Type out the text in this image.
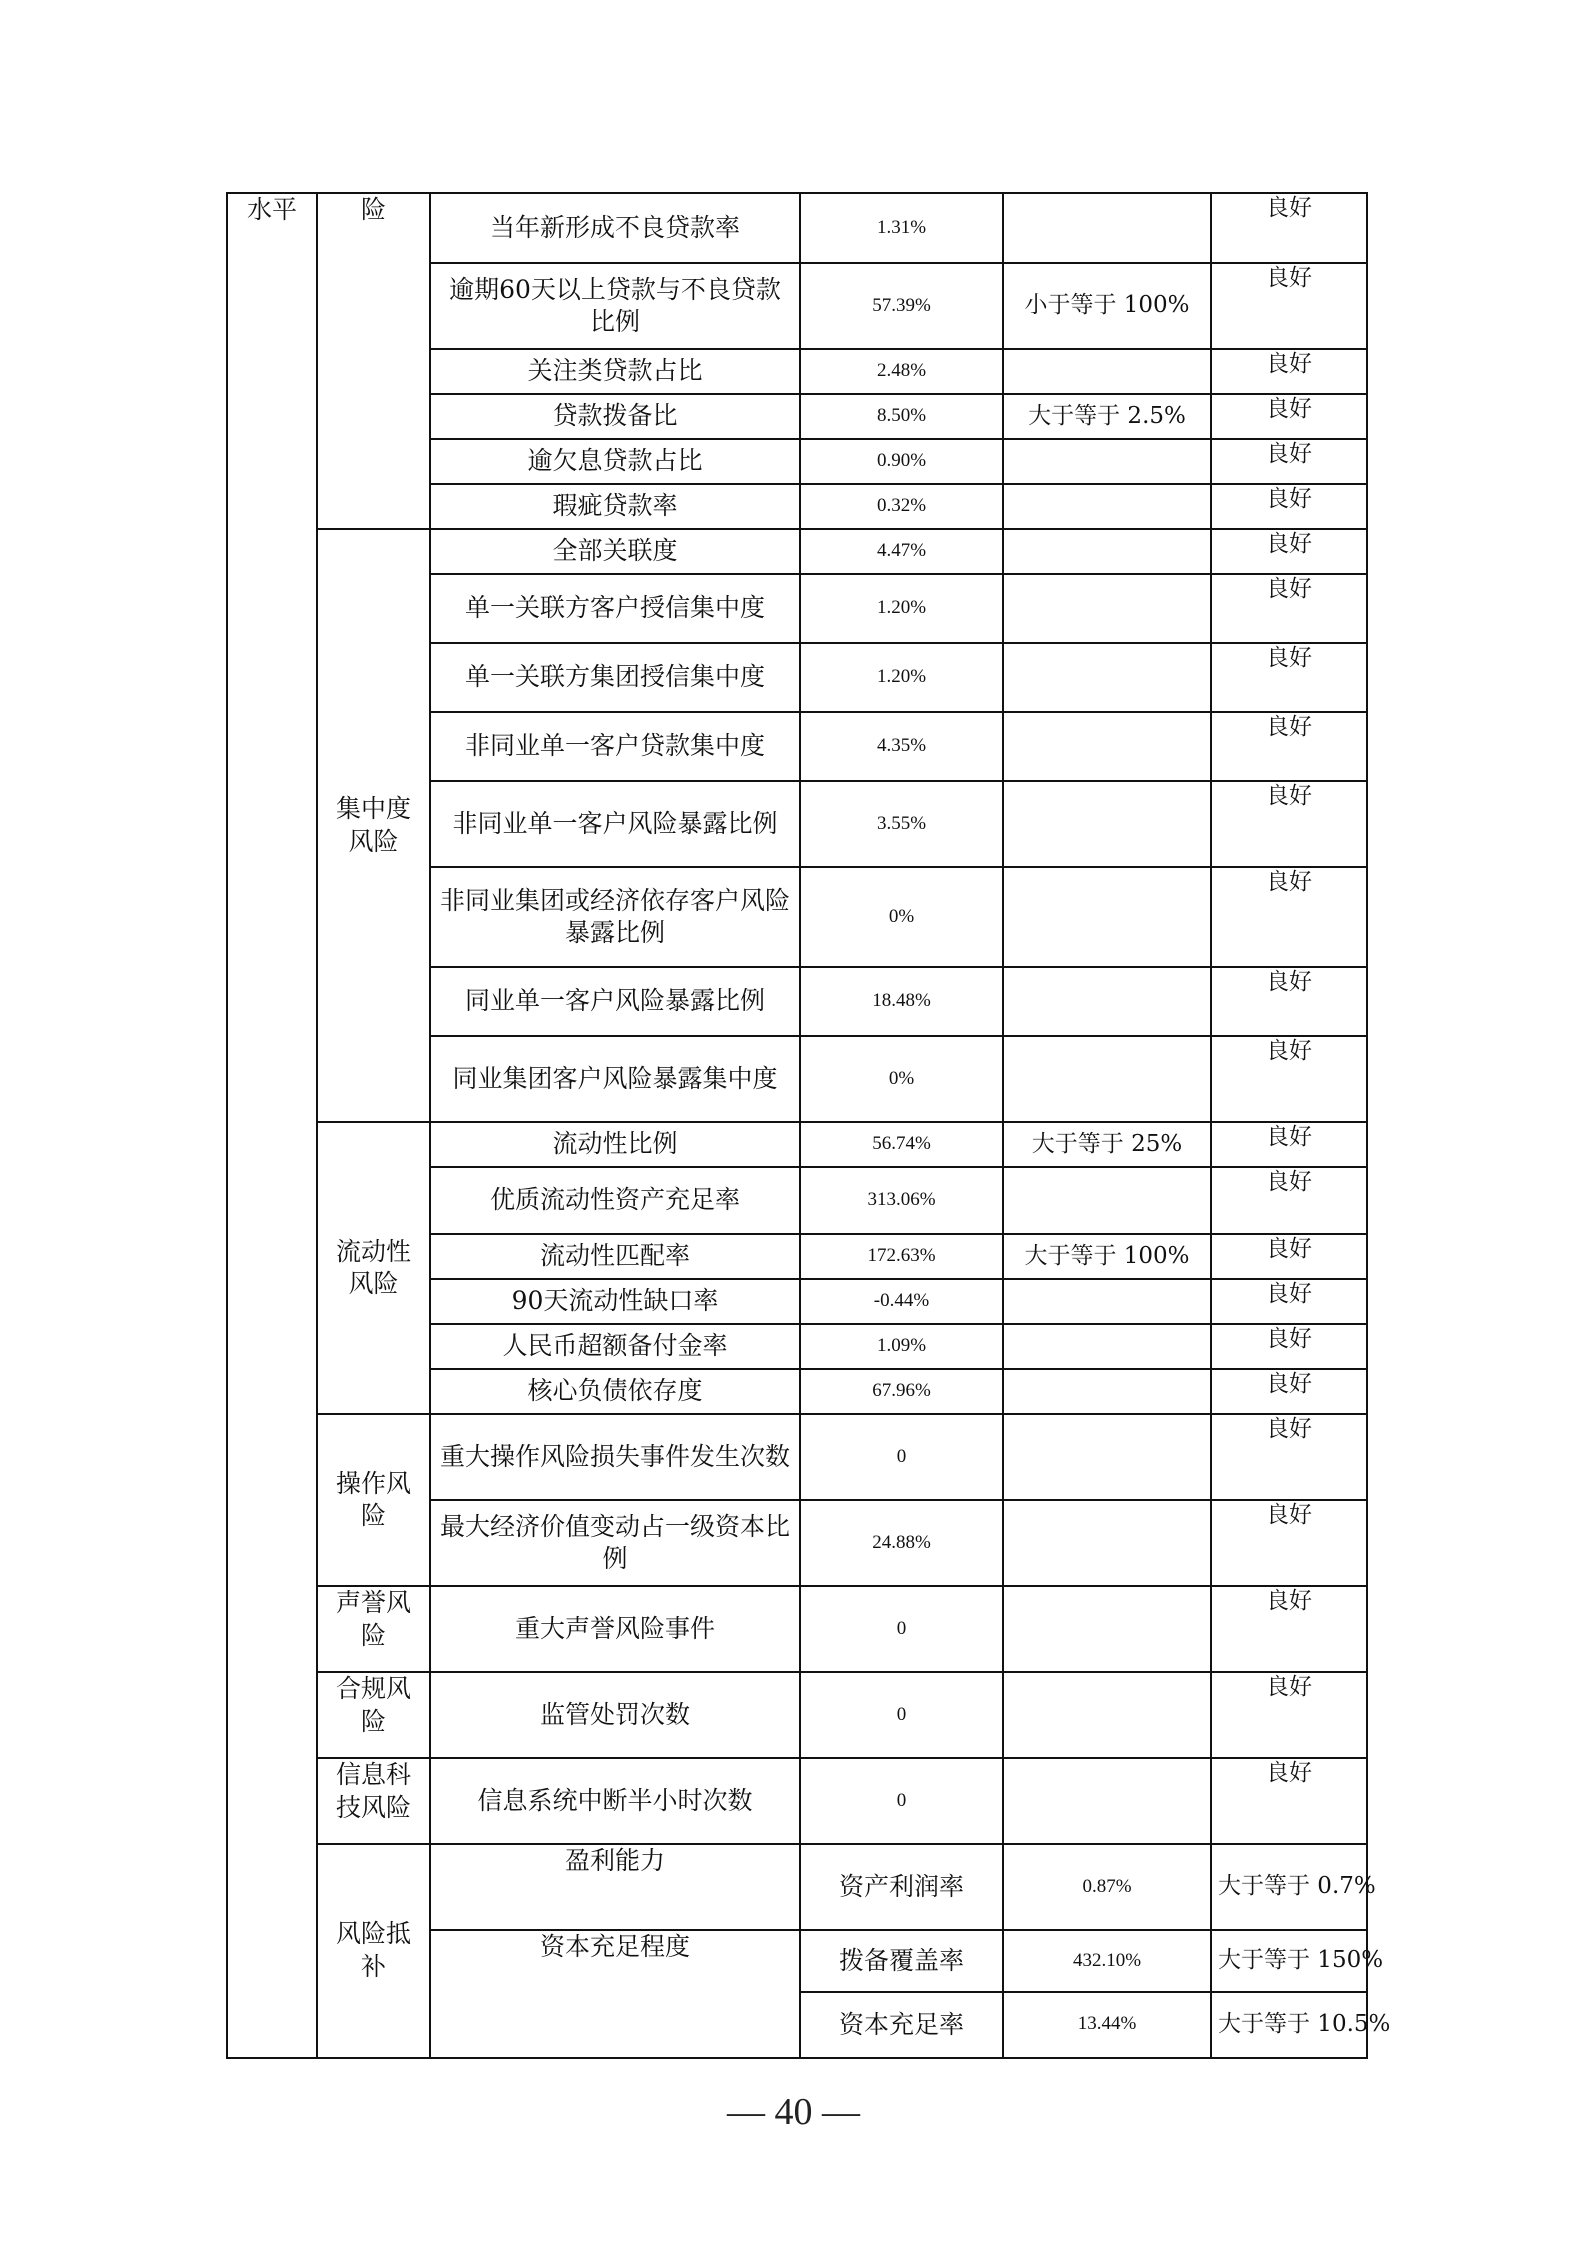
水平	险	当年新形成不良贷款率	1.31%		良好	
		逾期60天以上贷款与不良贷款比例	57.39%	小于等于 100%	良好	
		关注类贷款占比	2.48%		良好	
		贷款拨备比	8.50%	大于等于 2.5%	良好	
		逾欠息贷款占比	0.90%		良好	
		瑕疵贷款率	0.32%		良好	
	集中度风险	全部关联度	4.47%		良好	
		单一关联方客户授信集中度	1.20%		良好	
		单一关联方集团授信集中度	1.20%		良好	
		非同业单一客户贷款集中度	4.35%		良好	
		非同业单一客户风险暴露比例	3.55%		良好	
		非同业集团或经济依存客户风险暴露比例	0%		良好	
		同业单一客户风险暴露比例	18.48%		良好	
		同业集团客户风险暴露集中度	0%		良好	
	流动性风险	流动性比例	56.74%	大于等于 25%	良好	
		优质流动性资产充足率	313.06%		良好	
		流动性匹配率	172.63%	大于等于 100%	良好	
		90天流动性缺口率	-0.44%		良好	
		人民币超额备付金率	1.09%		良好	
		核心负债依存度	67.96%		良好	
	操作风险	重大操作风险损失事件发生次数	0		良好	
		最大经济价值变动占一级资本比例	24.88%		良好	
	声誉风险	重大声誉风险事件	0		良好	
	合规风险	监管处罚次数	0		良好	
	信息科技风险	信息系统中断半小时次数	0		良好	
	风险抵补	盈利能力	资产利润率	0.87%	大于等于 0.7%	
		资本充足程度	拨备覆盖率	432.10%	大于等于 150%	
			资本充足率	13.44%	大于等于 10.5%	
— 40 —
